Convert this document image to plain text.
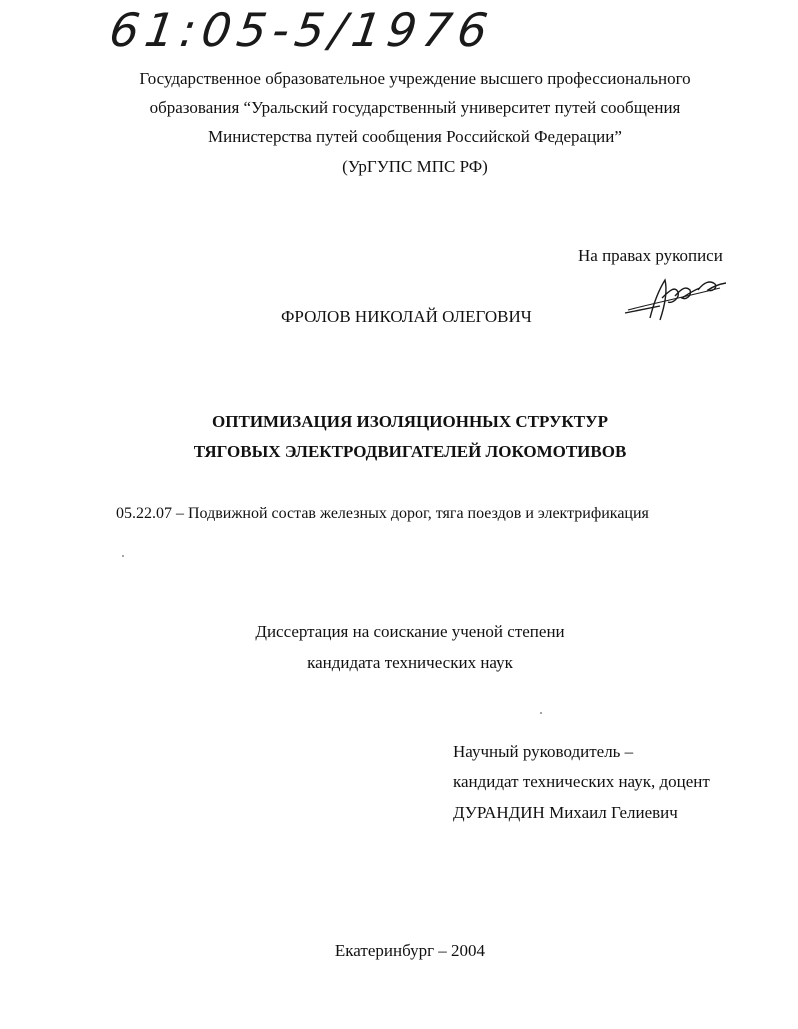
61:05-5/1976
Государственное образовательное учреждение высшего профессионального
образования “Уральский государственный университет путей сообщения
Министерства путей сообщения Российской Федерации”
(УрГУПС МПС РФ)
На правах рукописи
ФРОЛОВ НИКОЛАЙ ОЛЕГОВИЧ
ОПТИМИЗАЦИЯ ИЗОЛЯЦИОННЫХ СТРУКТУР
ТЯГОВЫХ ЭЛЕКТРОДВИГАТЕЛЕЙ ЛОКОМОТИВОВ
05.22.07 – Подвижной состав железных дорог, тяга поездов и электрификация
Диссертация на соискание ученой степени
кандидата технических наук
Научный руководитель –
кандидат технических наук, доцент
ДУРАНДИН Михаил Гелиевич
Екатеринбург – 2004
